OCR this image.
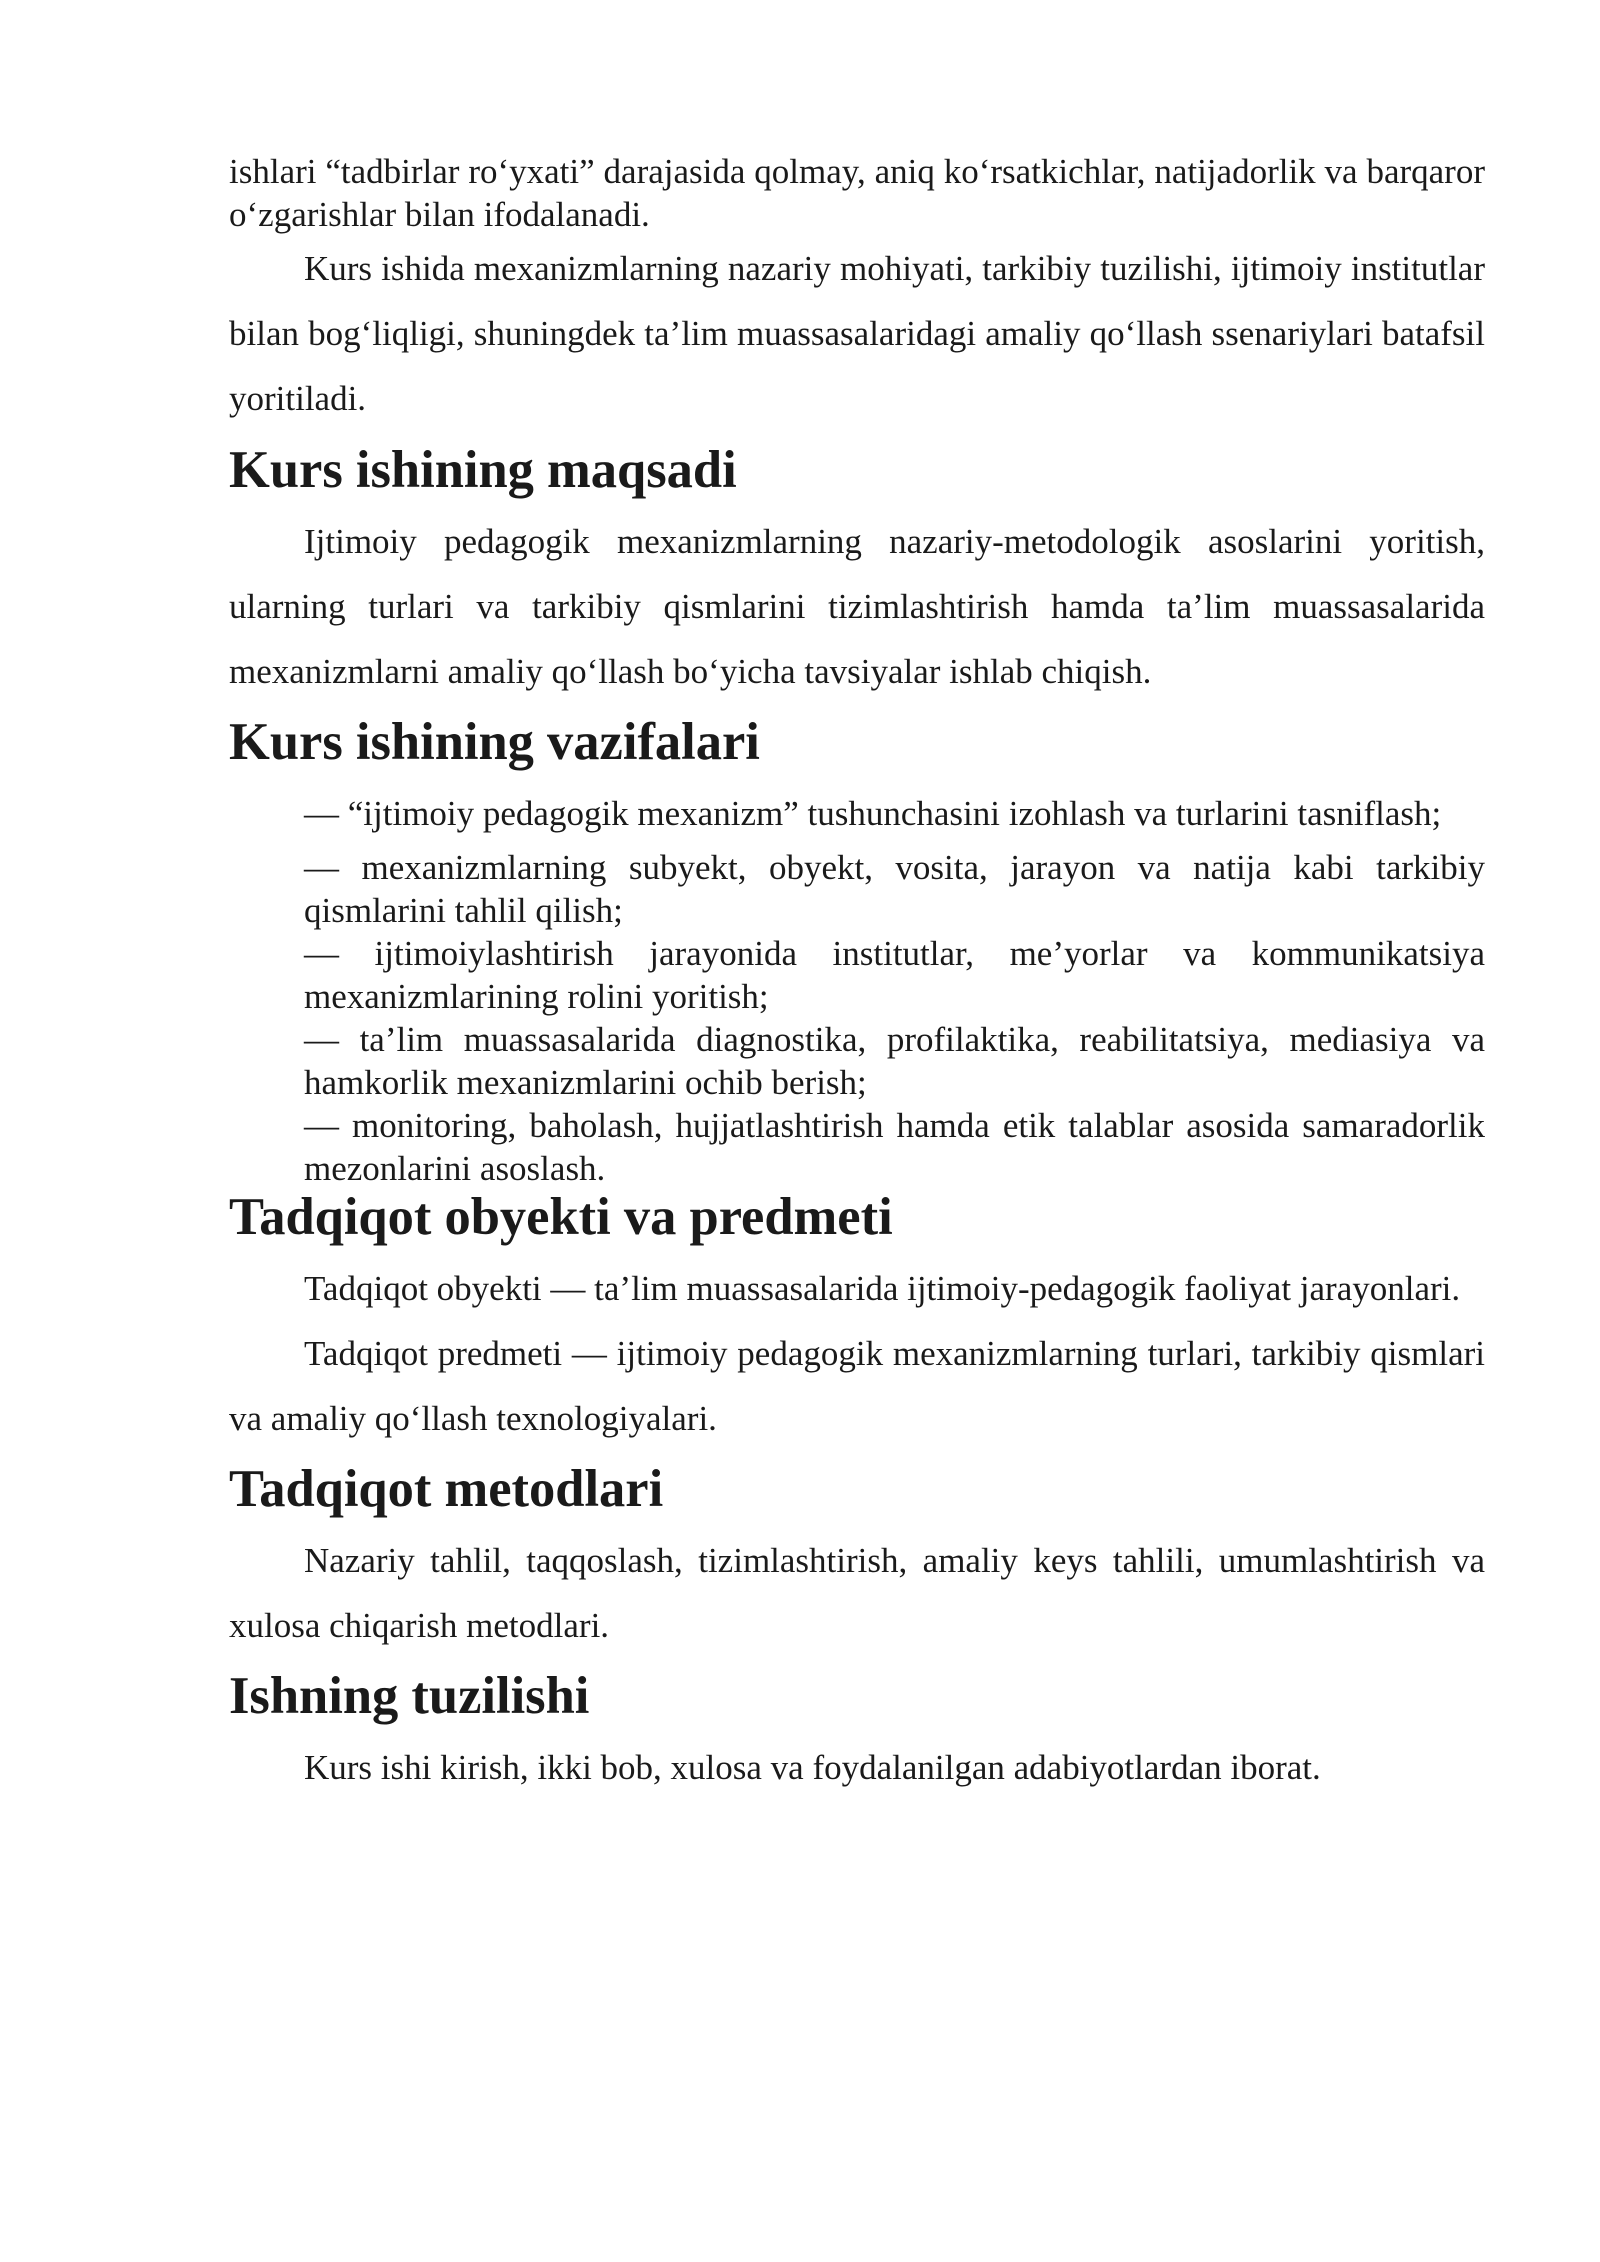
ishlari “tadbirlar ro‘yxati” darajasida qolmay, aniq ko‘rsatkichlar, natijadorlik va barqaror o‘zgarishlar bilan ifodalanadi.

Kurs ishida mexanizmlarning nazariy mohiyati, tarkibiy tuzilishi, ijtimoiy institutlar bilan bog‘liqligi, shuningdek ta’lim muassasalaridagi amaliy qo‘llash ssenariylari batafsil yoritiladi.

Kurs ishining maqsadi

Ijtimoiy pedagogik mexanizmlarning nazariy-metodologik asoslarini yoritish, ularning turlari va tarkibiy qismlarini tizimlashtirish hamda ta’lim muassasalarida mexanizmlarni amaliy qo‘llash bo‘yicha tavsiyalar ishlab chiqish.

Kurs ishining vazifalari

— “ijtimoiy pedagogik mexanizm” tushunchasini izohlash va turlarini tasniflash;

— mexanizmlarning subyekt, obyekt, vosita, jarayon va natija kabi tarkibiy qismlarini tahlil qilish;

— ijtimoiylashtirish jarayonida institutlar, me’yorlar va kommunikatsiya mexanizmlarining rolini yoritish;

— ta’lim muassasalarida diagnostika, profilaktika, reabilitatsiya, mediasiya va hamkorlik mexanizmlarini ochib berish;

— monitoring, baholash, hujjatlashtirish hamda etik talablar asosida samaradorlik mezonlarini asoslash.

Tadqiqot obyekti va predmeti

Tadqiqot obyekti — ta’lim muassasalarida ijtimoiy-pedagogik faoliyat jarayonlari.

Tadqiqot predmeti — ijtimoiy pedagogik mexanizmlarning turlari, tarkibiy qismlari va amaliy qo‘llash texnologiyalari.

Tadqiqot metodlari

Nazariy tahlil, taqqoslash, tizimlashtirish, amaliy keys tahlili, umumlashtirish va xulosa chiqarish metodlari.

Ishning tuzilishi

Kurs ishi kirish, ikki bob, xulosa va foydalanilgan adabiyotlardan iborat.
